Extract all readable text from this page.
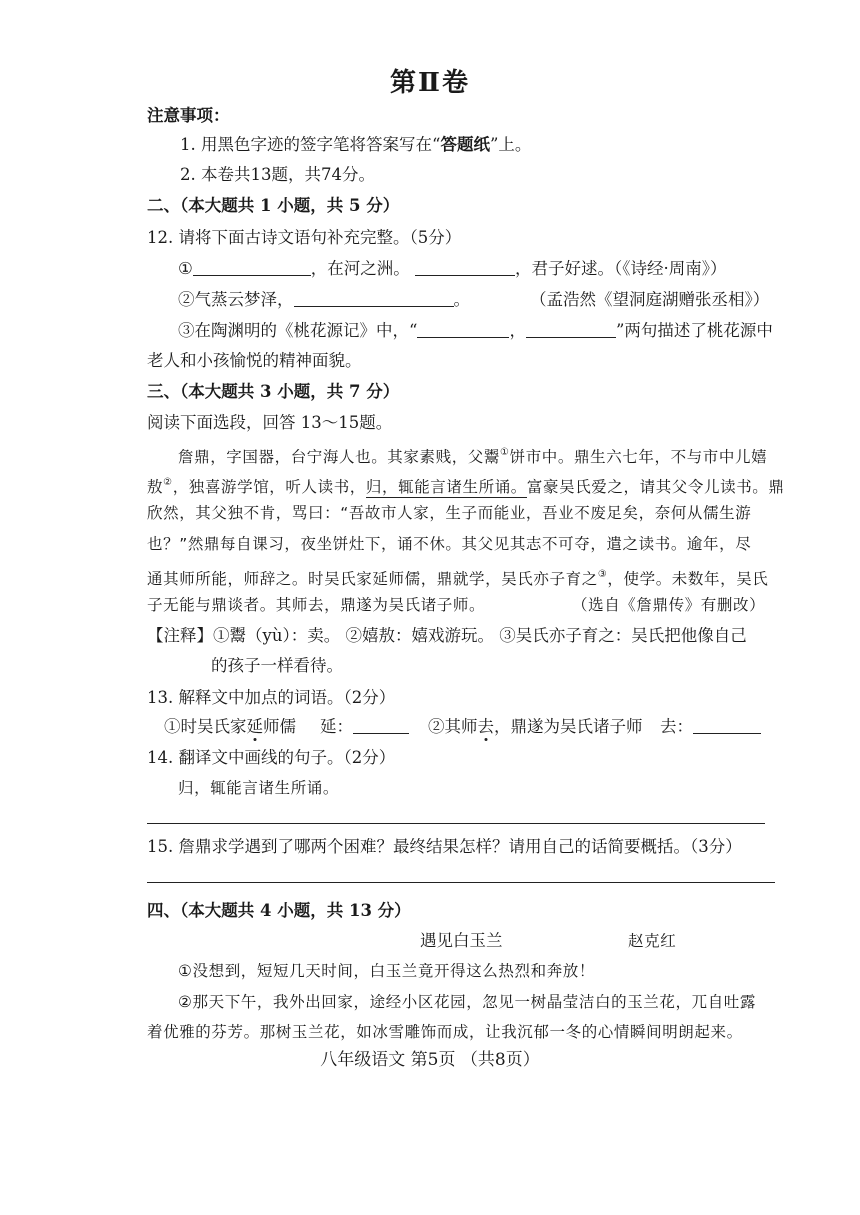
第Ⅱ卷
注意事项：
1. 用黑色字迹的签字笔将答案写在“答题纸”上。
2. 本卷共13题，共74分。
二、（本大题共 1 小题，共 5 分）
12. 请将下面古诗文语句补充完整。（5分）
①	，在河之洲。	，君子好逑。（《诗经·周南》）
②气蒸云梦泽，	。	（孟浩然《望洞庭湖赠张丞相》）
③在陶渊明的《桃花源记》中，“	，	”两句描述了桃花源中
老人和小孩愉悦的精神面貌。
三、（本大题共 3 小题，共 7 分）
阅读下面选段，回答 13～15题。
詹鼎，字国器，台宁海人也。其家素贱，父鬻①饼市中。鼎生六七年，不与市中儿嬉
敖②，独喜游学馆，听人读书，归，辄能言诸生所诵。富豪吴氏爱之，请其父令儿读书。鼎
欣然，其父独不肯，骂曰：“吾故市人家，生子而能业，吾业不废足矣，奈何从儒生游
也？”然鼎每自课习，夜坐饼灶下，诵不休。其父见其志不可夺，遣之读书。逾年，尽
通其师所能，师辞之。时吴氏家延师儒，鼎就学，吴氏亦子育之③，使学。未数年，吴氏
子无能与鼎谈者。其师去，鼎遂为吴氏诸子师。	（选自《詹鼎传》有删改）
【注释】①鬻（yù）：卖。 ②嬉敖：嬉戏游玩。 ③吴氏亦子育之：吴氏把他像自己
的孩子一样看待。
13. 解释文中加点的词语。（2分）
①时吴氏家延师儒 延：	②其师去，鼎遂为吴氏诸子师 去：
14. 翻译文中画线的句子。（2分）
归，辄能言诸生所诵。
15. 詹鼎求学遇到了哪两个困难？最终结果怎样？请用自己的话简要概括。（3分）
四、（本大题共 4 小题，共 13 分）
遇见白玉兰	赵克红
①没想到，短短几天时间，白玉兰竟开得这么热烈和奔放！
②那天下午，我外出回家，途经小区花园，忽见一树晶莹洁白的玉兰花，兀自吐露
着优雅的芬芳。那树玉兰花，如冰雪雕饰而成，让我沉郁一冬的心情瞬间明朗起来。
八年级语文 第5页 （共8页）
